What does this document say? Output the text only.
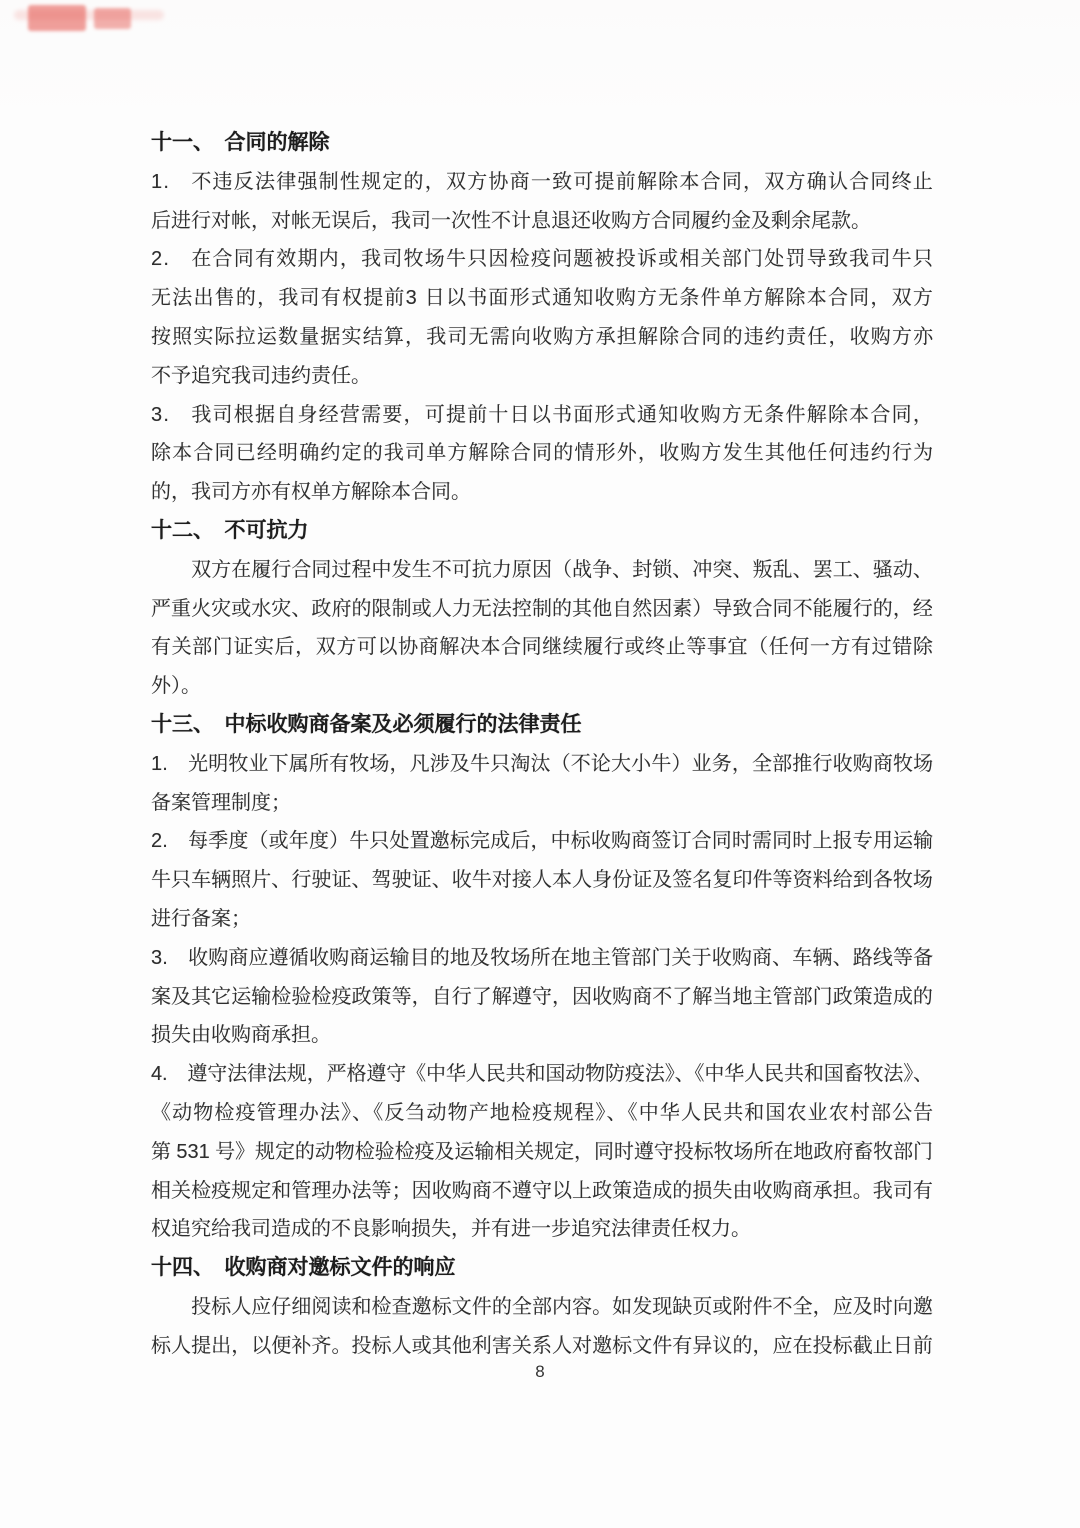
十一、　合同的解除
1.　不违反法律强制性规定的，双方协商一致可提前解除本合同，双方确认合同终止
后进行对帐，对帐无误后，我司一次性不计息退还收购方合同履约金及剩余尾款。
2.　在合同有效期内，我司牧场牛只因检疫问题被投诉或相关部门处罚导致我司牛只
无法出售的，我司有权提前3 日以书面形式通知收购方无条件单方解除本合同，双方
按照实际拉运数量据实结算，我司无需向收购方承担解除合同的违约责任，收购方亦
不予追究我司违约责任。
3.　我司根据自身经营需要，可提前十日以书面形式通知收购方无条件解除本合同，
除本合同已经明确约定的我司单方解除合同的情形外，收购方发生其他任何违约行为
的，我司方亦有权单方解除本合同。
十二、　不可抗力
　　双方在履行合同过程中发生不可抗力原因（战争、封锁、冲突、叛乱、罢工、骚动、
严重火灾或水灾、政府的限制或人力无法控制的其他自然因素）导致合同不能履行的，经
有关部门证实后，双方可以协商解决本合同继续履行或终止等事宜（任何一方有过错除
外）。
十三、　中标收购商备案及必须履行的法律责任
1.　光明牧业下属所有牧场，凡涉及牛只淘汰（不论大小牛）业务，全部推行收购商牧场
备案管理制度；
2.　每季度（或年度）牛只处置邀标完成后，中标收购商签订合同时需同时上报专用运输
牛只车辆照片、行驶证、驾驶证、收牛对接人本人身份证及签名复印件等资料给到各牧场
进行备案；
3.　收购商应遵循收购商运输目的地及牧场所在地主管部门关于收购商、车辆、路线等备
案及其它运输检验检疫政策等，自行了解遵守，因收购商不了解当地主管部门政策造成的
损失由收购商承担。
4.　遵守法律法规，严格遵守《中华人民共和国动物防疫法》、《中华人民共和国畜牧法》、
《动物检疫管理办法》、《反刍动物产地检疫规程》、《中华人民共和国农业农村部公告
第 531 号》规定的动物检验检疫及运输相关规定，同时遵守投标牧场所在地政府畜牧部门
相关检疫规定和管理办法等；因收购商不遵守以上政策造成的损失由收购商承担。我司有
权追究给我司造成的不良影响损失，并有进一步追究法律责任权力。
十四、　收购商对邀标文件的响应
　　投标人应仔细阅读和检查邀标文件的全部内容。如发现缺页或附件不全，应及时向邀
标人提出，以便补齐。投标人或其他利害关系人对邀标文件有异议的，应在投标截止日前
8
